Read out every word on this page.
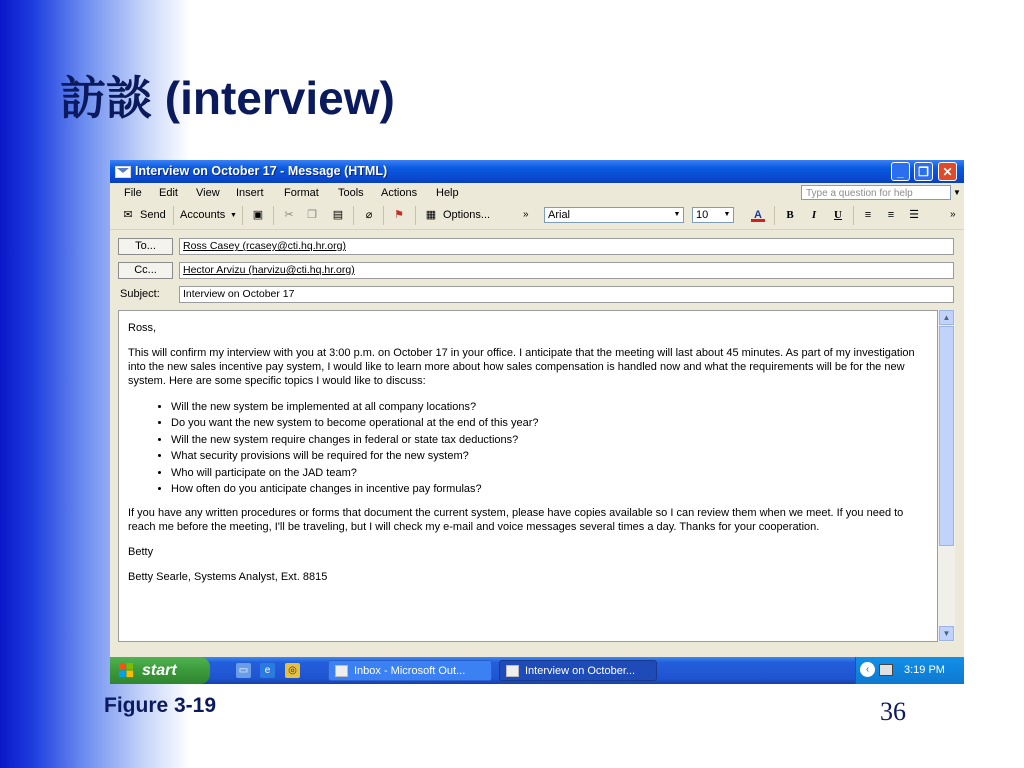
訪談 (interview)
Interview on October 17 - Message (HTML)	_	❐	✕
File Edit View Insert Format Tools Actions Help	Type a question for help	▼
✉ Send Accounts ▼ ▣ ✂ ❐ ▤	⌀	⚑ ▦ Options...	»	Arial	▼	10 ▼ A	B	I	U	≡	≡	☰	»
To...	Ross Casey (rcasey@cti.hq.hr.org)
Cc...	Hector Arvizu (harvizu@cti.hq.hr.org)
Subject:	Interview on October 17

Ross,

This will confirm my interview with you at 3:00 p.m. on October 17 in your office. I anticipate that the meeting will last about 45 minutes. As part of my investigation into the new sales incentive pay system, I would like to learn more about how sales compensation is handled now and what the requirements will be for the new system. Here are some specific topics I would like to discuss:

• Will the new system be implemented at all company locations?
• Do you want the new system to become operational at the end of this year?
• Will the new system require changes in federal or state tax deductions?
• What security provisions will be required for the new system?
• Who will participate on the JAD team?
• How often do you anticipate changes in incentive pay formulas?

If you have any written procedures or forms that document the current system, please have copies available so I can review them when we meet. If you need to reach me before the meeting, I'll be traveling, but I will check my e-mail and voice messages several times a day. Thanks for your cooperation.

Betty

Betty Searle, Systems Analyst, Ext. 8815

▲
▼
start	▭	e	◎	Inbox - Microsoft Out...	Interview on October...	‹	3:19 PM
Figure 3-19	36
